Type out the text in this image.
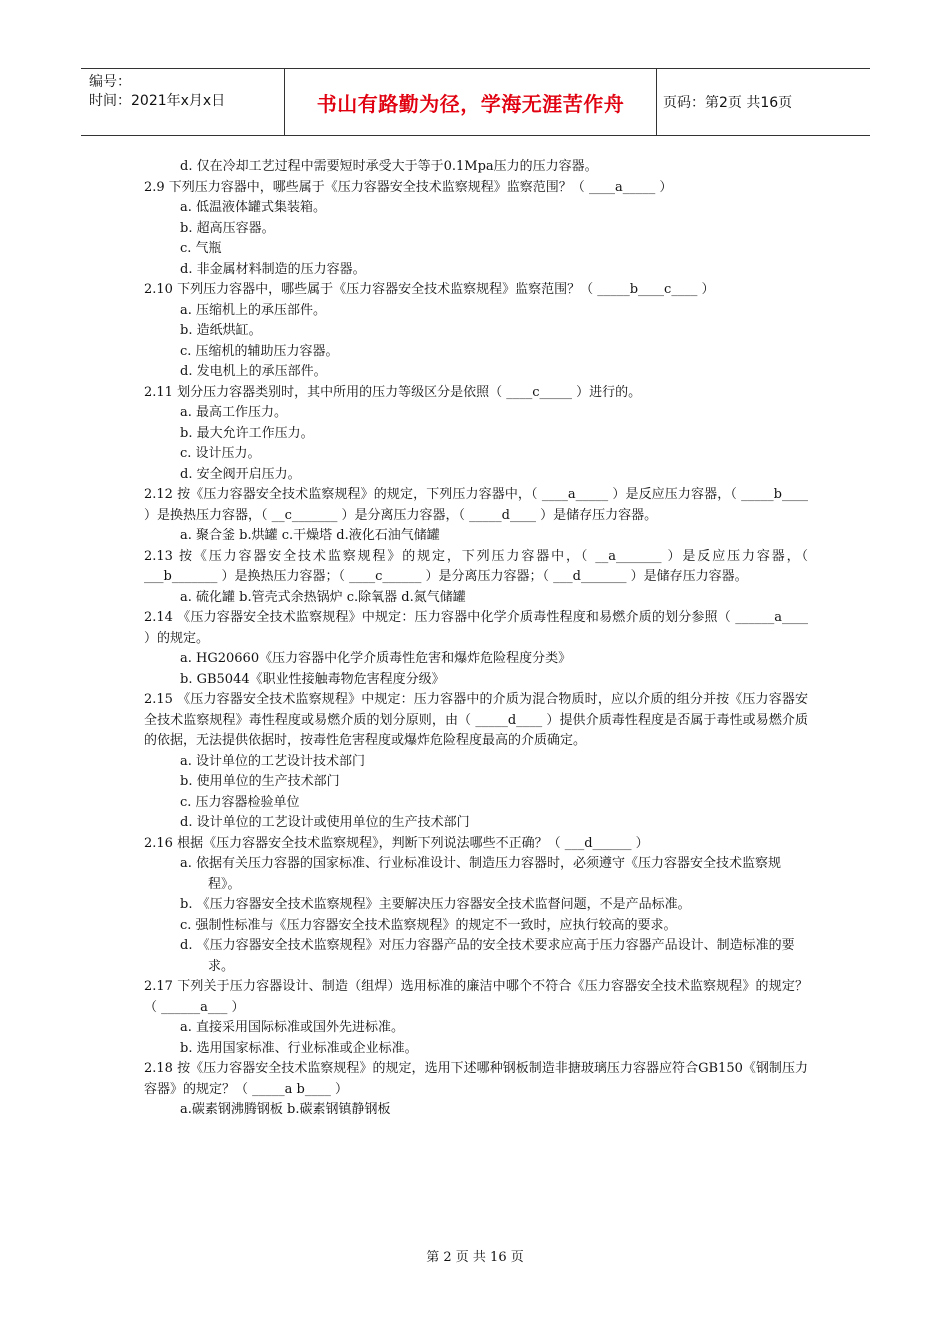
编号：
时间：2021年x月x日	书山有路勤为径，学海无涯苦作舟	页码：第2页 共16页

d. 仅在冷却工艺过程中需要短时承受大于等于0.1Mpa压力的压力容器。

2.9 下列压力容器中，哪些属于《压力容器安全技术监察规程》监察范围？（ ____a_____ ）

a. 低温液体罐式集装箱。

b. 超高压容器。

c. 气瓶

d. 非金属材料制造的压力容器。

2.10 下列压力容器中，哪些属于《压力容器安全技术监察规程》监察范围？（ _____b____c____ ）

a. 压缩机上的承压部件。

b. 造纸烘缸。

c. 压缩机的辅助压力容器。

d. 发电机上的承压部件。

2.11 划分压力容器类别时，其中所用的压力等级区分是依照（ ____c_____ ）进行的。

a. 最高工作压力。

b. 最大允许工作压力。

c. 设计压力。

d. 安全阀开启压力。

2.12 按《压力容器安全技术监察规程》的规定，下列压力容器中，（ ____a_____ ）是反应压力容器，（ _____b____ ）是换热压力容器，（ __c_______ ）是分离压力容器，（ _____d____ ）是储存压力容器。

a. 聚合釜 b.烘罐 c.干燥塔 d.液化石油气储罐

2.13 按《压力容器安全技术监察规程》的规定，下列压力容器中，（ __a_______ ）是反应压力容器，（ ___b_______ ）是换热压力容器；（ ____c______ ）是分离压力容器；（ ___d_______ ）是储存压力容器。

a. 硫化罐 b.管壳式余热锅炉 c.除氧器 d.氮气储罐

2.14 《压力容器安全技术监察规程》中规定：压力容器中化学介质毒性程度和易燃介质的划分参照（ ______a____ ）的规定。

a. HG20660《压力容器中化学介质毒性危害和爆炸危险程度分类》

b. GB5044《职业性接触毒物危害程度分级》

2.15 《压力容器安全技术监察规程》中规定：压力容器中的介质为混合物质时，应以介质的组分并按《压力容器安全技术监察规程》毒性程度或易燃介质的划分原则，由（ _____d____ ）提供介质毒性程度是否属于毒性或易燃介质的依据，无法提供依据时，按毒性危害程度或爆炸危险程度最高的介质确定。

a. 设计单位的工艺设计技术部门

b. 使用单位的生产技术部门

c. 压力容器检验单位

d. 设计单位的工艺设计或使用单位的生产技术部门

2.16 根据《压力容器安全技术监察规程》，判断下列说法哪些不正确？（ ___d______ ）

a. 依据有关压力容器的国家标准、行业标准设计、制造压力容器时，必须遵守《压力容器安全技术监察规程》。

b. 《压力容器安全技术监察规程》主要解决压力容器安全技术监督问题，不是产品标准。

c. 强制性标准与《压力容器安全技术监察规程》的规定不一致时，应执行较高的要求。

d. 《压力容器安全技术监察规程》对压力容器产品的安全技术要求应高于压力容器产品设计、制造标准的要求。

2.17 下列关于压力容器设计、制造（组焊）选用标准的廉洁中哪个不符合《压力容器安全技术监察规程》的规定？（ ______a___ ）

a. 直接采用国际标准或国外先进标准。

b. 选用国家标准、行业标准或企业标准。

2.18 按《压力容器安全技术监察规程》的规定，选用下述哪种钢板制造非搪玻璃压力容器应符合GB150《钢制压力容器》的规定？（ _____a b____ ）

a.碳素钢沸腾钢板 b.碳素钢镇静钢板

第 2 页 共 16 页
